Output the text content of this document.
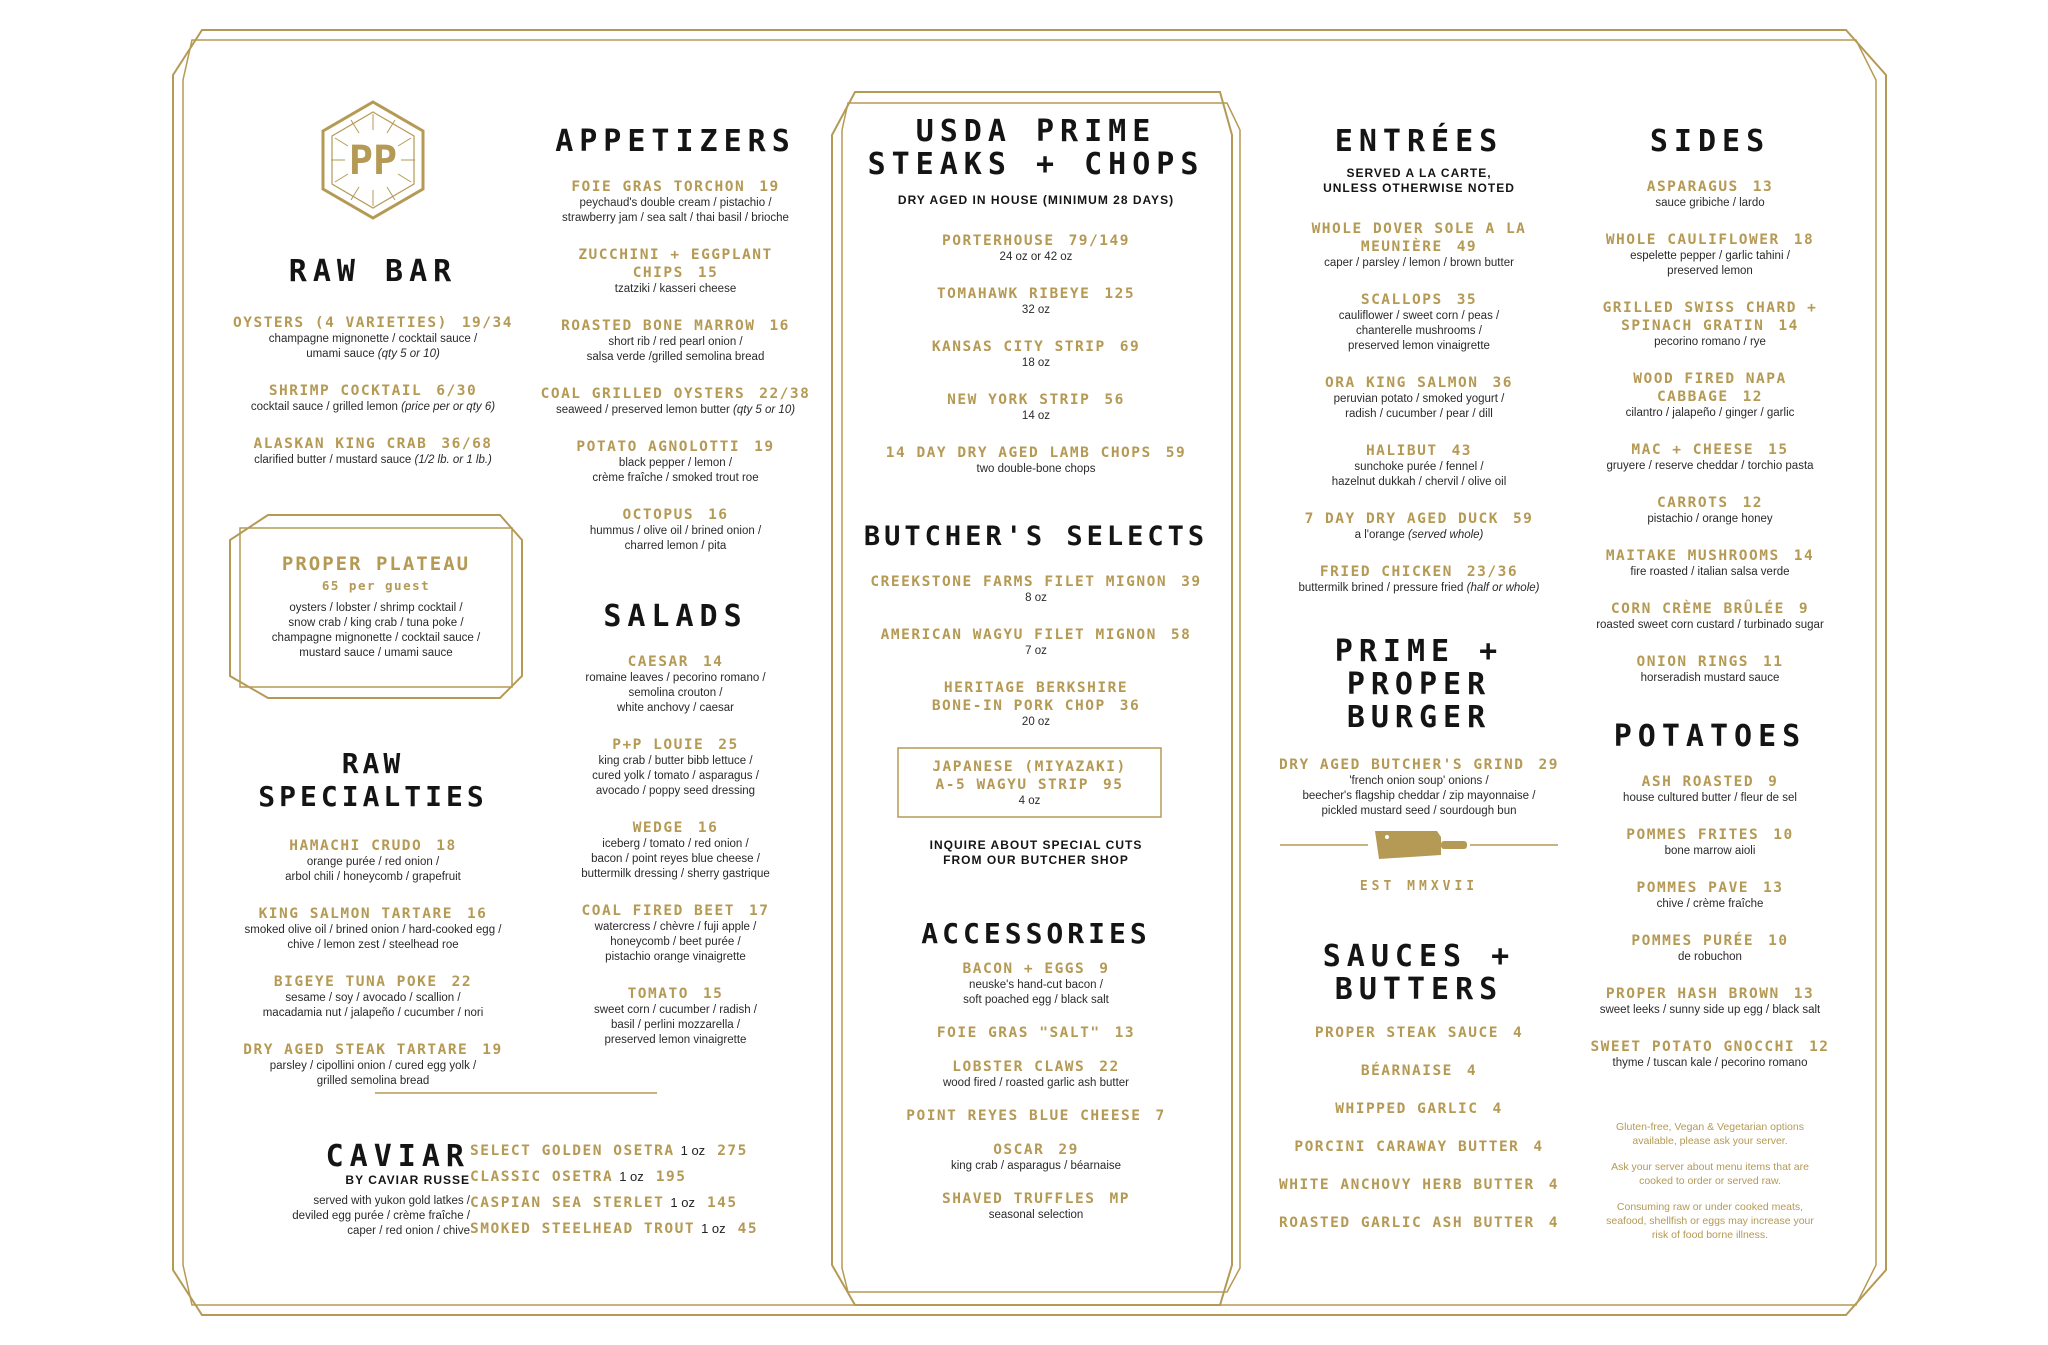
PP
RAW BAR
OYSTERS (4 VARIETIES) 19/34
champagne mignonette / cocktail sauce /
umami sauce (qty 5 or 10)
SHRIMP COCKTAIL 6/30
cocktail sauce / grilled lemon (price per or qty 6)
ALASKAN KING CRAB 36/68
clarified butter / mustard sauce (1/2 lb. or 1 lb.)
PROPER PLATEAU
65 per guest
oysters / lobster / shrimp cocktail /
snow crab / king crab / tuna poke /
champagne mignonette / cocktail sauce /
mustard sauce / umami sauce
RAW SPECIALTIES
HAMACHI CRUDO 18
orange purée / red onion /
arbol chili / honeycomb / grapefruit
KING SALMON TARTARE 16
smoked olive oil / brined onion / hard-cooked egg /
chive / lemon zest / steelhead roe
BIGEYE TUNA POKE 22
sesame / soy / avocado / scallion /
macadamia nut / jalapeño / cucumber / nori
DRY AGED STEAK TARTARE 19
parsley / cipollini onion / cured egg yolk /
grilled semolina bread
CAVIAR
BY CAVIAR RUSSE
served with yukon gold latkes /
deviled egg purée / crème fraîche /
caper / red onion / chive
SELECT GOLDEN OSETRA 1 oz 275
CLASSIC OSETRA 1 oz 195
CASPIAN SEA STERLET 1 oz 145
SMOKED STEELHEAD TROUT 1 oz 45
APPETIZERS
FOIE GRAS TORCHON 19
peychaud's double cream / pistachio /
strawberry jam / sea salt / thai basil / brioche
ZUCCHINI + EGGPLANT CHIPS 15
tzatziki / kasseri cheese
ROASTED BONE MARROW 16
short rib / red pearl onion /
salsa verde /grilled semolina bread
COAL GRILLED OYSTERS 22/38
seaweed / preserved lemon butter (qty 5 or 10)
POTATO AGNOLOTTI 19
black pepper / lemon /
crème fraîche / smoked trout roe
OCTOPUS 16
hummus / olive oil / brined onion /
charred lemon / pita
SALADS
CAESAR 14
romaine leaves / pecorino romano /
semolina crouton /
white anchovy / caesar
P+P LOUIE 25
king crab / butter bibb lettuce /
cured yolk / tomato / asparagus /
avocado / poppy seed dressing
WEDGE 16
iceberg / tomato / red onion /
bacon / point reyes blue cheese /
buttermilk dressing / sherry gastrique
COAL FIRED BEET 17
watercress / chèvre / fuji apple /
honeycomb / beet purée /
pistachio orange vinaigrette
TOMATO 15
sweet corn / cucumber / radish /
basil / perlini mozzarella /
preserved lemon vinaigrette
USDA PRIME
STEAKS + CHOPS
DRY AGED IN HOUSE (MINIMUM 28 DAYS)
PORTERHOUSE 79/149
24 oz or 42 oz
TOMAHAWK RIBEYE 125
32 oz
KANSAS CITY STRIP 69
18 oz
NEW YORK STRIP 56
14 oz
14 DAY DRY AGED LAMB CHOPS 59
two double-bone chops
BUTCHER'S SELECTS
CREEKSTONE FARMS FILET MIGNON 39
8 oz
AMERICAN WAGYU FILET MIGNON 58
7 oz
HERITAGE BERKSHIRE
BONE-IN PORK CHOP 36
20 oz
JAPANESE (MIYAZAKI)
A-5 WAGYU STRIP 95
4 oz
INQUIRE ABOUT SPECIAL CUTS
FROM OUR BUTCHER SHOP
ACCESSORIES
BACON + EGGS 9
neuske's hand-cut bacon /
soft poached egg / black salt
FOIE GRAS "SALT" 13
LOBSTER CLAWS 22
wood fired / roasted garlic ash butter
POINT REYES BLUE CHEESE 7
OSCAR 29
king crab / asparagus / béarnaise
SHAVED TRUFFLES MP
seasonal selection
ENTRÉES
SERVED A LA CARTE,
UNLESS OTHERWISE NOTED
WHOLE DOVER SOLE A LA MEUNIÈRE 49
caper / parsley / lemon / brown butter
SCALLOPS 35
cauliflower / sweet corn / peas /
chanterelle mushrooms /
preserved lemon vinaigrette
ORA KING SALMON 36
peruvian potato / smoked yogurt /
radish / cucumber / pear / dill
HALIBUT 43
sunchoke purée / fennel /
hazelnut dukkah / chervil / olive oil
7 DAY DRY AGED DUCK 59
a l'orange (served whole)
FRIED CHICKEN 23/36
buttermilk brined / pressure fried (half or whole)
PRIME + PROPER
BURGER
DRY AGED BUTCHER'S GRIND 29
'french onion soup' onions /
beecher's flagship cheddar / zip mayonnaise /
pickled mustard seed / sourdough bun
EST MMXVII
SAUCES +
BUTTERS
PROPER STEAK SAUCE 4
BÉARNAISE 4
WHIPPED GARLIC 4
PORCINI CARAWAY BUTTER 4
WHITE ANCHOVY HERB BUTTER 4
ROASTED GARLIC ASH BUTTER 4
SIDES
ASPARAGUS 13
sauce gribiche / lardo
WHOLE CAULIFLOWER 18
espelette pepper / garlic tahini /
preserved lemon
GRILLED SWISS CHARD +
SPINACH GRATIN 14
pecorino romano / rye
WOOD FIRED NAPA CABBAGE 12
cilantro / jalapeño / ginger / garlic
MAC + CHEESE 15
gruyere / reserve cheddar / torchio pasta
CARROTS 12
pistachio / orange honey
MAITAKE MUSHROOMS 14
fire roasted / italian salsa verde
CORN CRÈME BRÛLÉE 9
roasted sweet corn custard / turbinado sugar
ONION RINGS 11
horseradish mustard sauce
POTATOES
ASH ROASTED 9
house cultured butter / fleur de sel
POMMES FRITES 10
bone marrow aioli
POMMES PAVE 13
chive / crème fraîche
POMMES PURÉE 10
de robuchon
PROPER HASH BROWN 13
sweet leeks / sunny side up egg / black salt
SWEET POTATO GNOCCHI 12
thyme / tuscan kale / pecorino romano
Gluten-free, Vegan & Vegetarian options
available, please ask your server.
Ask your server about menu items that are
cooked to order or served raw.
Consuming raw or under cooked meats,
seafood, shellfish or eggs may increase your
risk of food borne illness.
